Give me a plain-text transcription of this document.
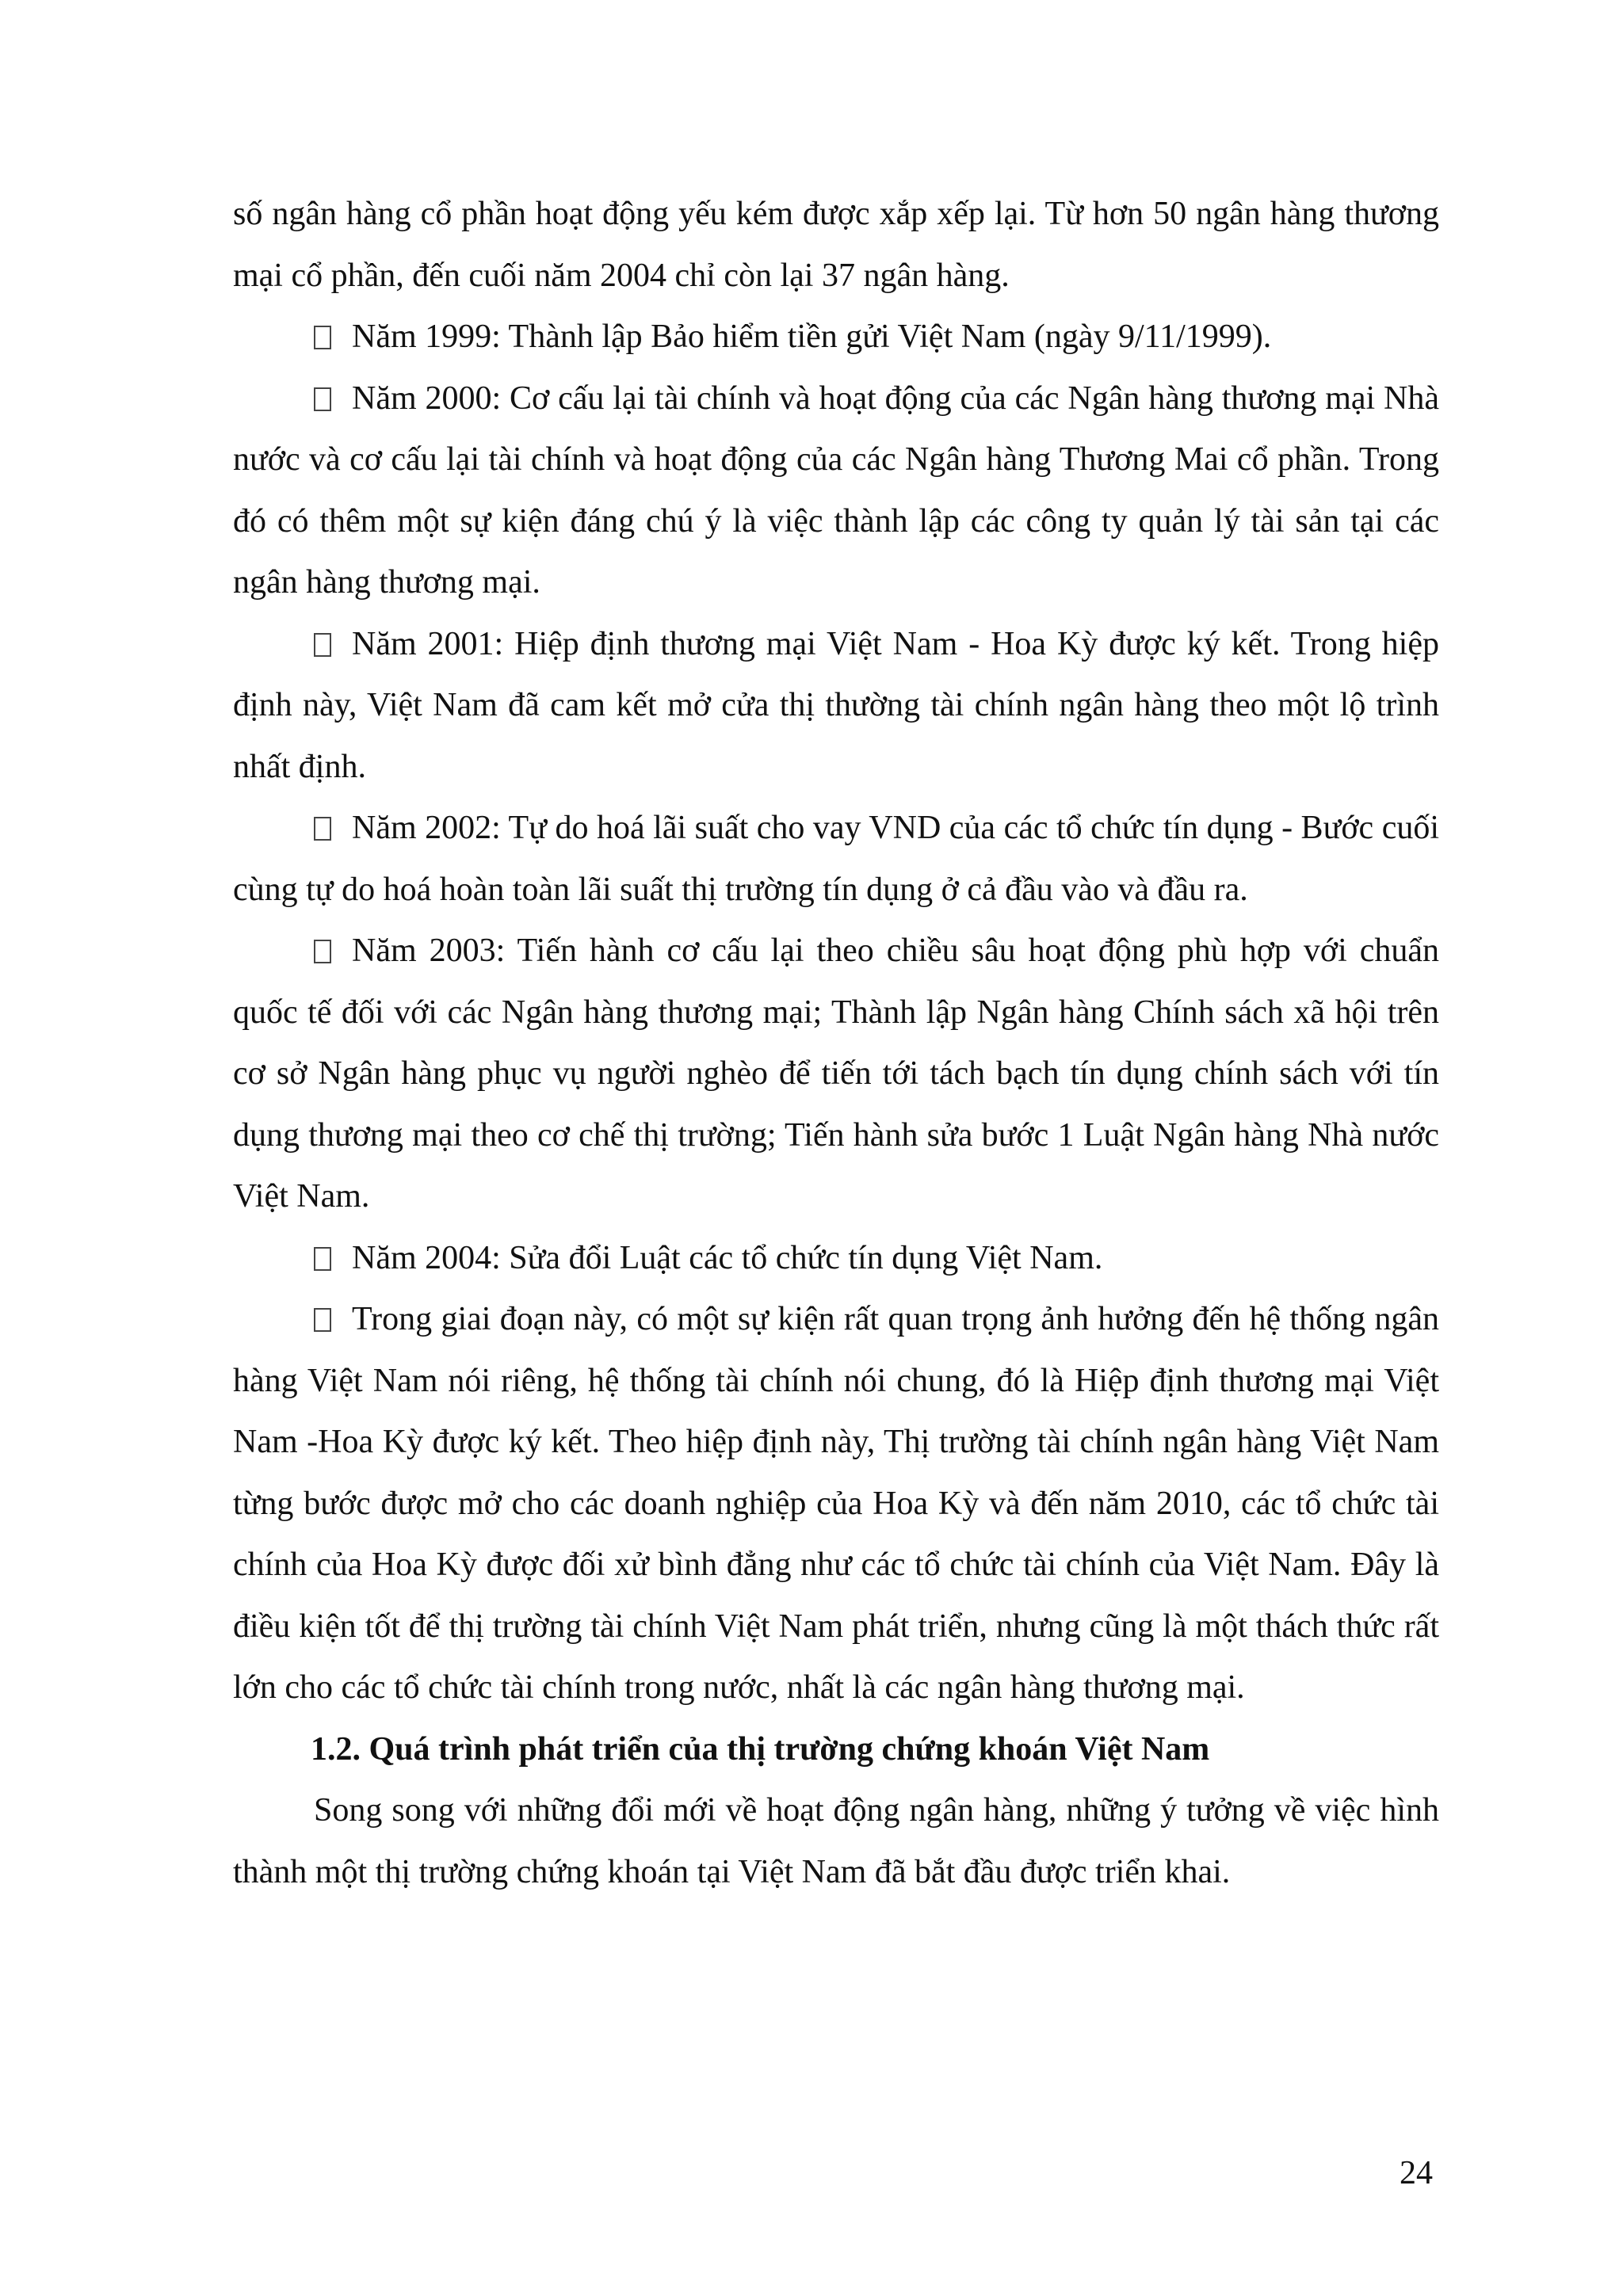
số ngân hàng cổ phần hoạt động yếu kém được xắp xếp lại. Từ hơn 50 ngân hàng thương mại cổ phần, đến cuối năm 2004 chỉ còn lại 37 ngân hàng.

Năm 1999: Thành lập Bảo hiểm tiền gửi Việt Nam (ngày 9/11/1999).

Năm 2000: Cơ cấu lại tài chính và hoạt động của các Ngân hàng thương mại Nhà nước và cơ cấu lại tài chính và hoạt động của các Ngân hàng Thương Mai cổ phần. Trong đó có thêm một sự kiện đáng chú ý là việc thành lập các công ty quản lý tài sản tại các ngân hàng thương mại.

Năm 2001: Hiệp định thương mại Việt Nam - Hoa Kỳ được ký kết. Trong hiệp định này, Việt Nam đã cam kết mở cửa thị thường tài chính ngân hàng theo một lộ trình nhất định.

Năm 2002: Tự do hoá lãi suất cho vay VND của các tổ chức tín dụng - Bước cuối cùng tự do hoá hoàn toàn lãi suất thị trường tín dụng ở cả đầu vào và đầu ra.

Năm 2003: Tiến hành cơ cấu lại theo chiều sâu hoạt động phù hợp với chuẩn quốc tế đối với các Ngân hàng thương mại; Thành lập Ngân hàng Chính sách xã hội trên cơ sở Ngân hàng phục vụ người nghèo để tiến tới tách bạch tín dụng chính sách với tín dụng thương mại theo cơ chế thị trường; Tiến hành sửa bước 1 Luật Ngân hàng Nhà nước Việt Nam.

Năm 2004: Sửa đổi Luật các tổ chức tín dụng Việt Nam.

Trong giai đoạn này, có một sự kiện rất quan trọng ảnh hưởng đến hệ thống ngân hàng Việt Nam nói riêng, hệ thống tài chính nói chung, đó là Hiệp định thương mại Việt Nam -Hoa Kỳ được ký kết. Theo hiệp định này, Thị trường tài chính ngân hàng Việt Nam từng bước được mở cho các doanh nghiệp của Hoa Kỳ và đến năm 2010, các tổ chức tài chính của Hoa Kỳ được đối xử bình đẳng như các tổ chức tài chính của Việt Nam. Đây là điều kiện tốt để thị trường tài chính Việt Nam phát triển, nhưng cũng là một thách thức rất lớn cho các tổ chức tài chính trong nước, nhất là các ngân hàng thương mại.

1.2. Quá trình phát triển của thị trường chứng khoán Việt Nam

Song song với những đổi mới về hoạt động ngân hàng, những ý tưởng về việc hình thành một thị trường chứng khoán tại Việt Nam đã bắt đầu được triển khai.

24
